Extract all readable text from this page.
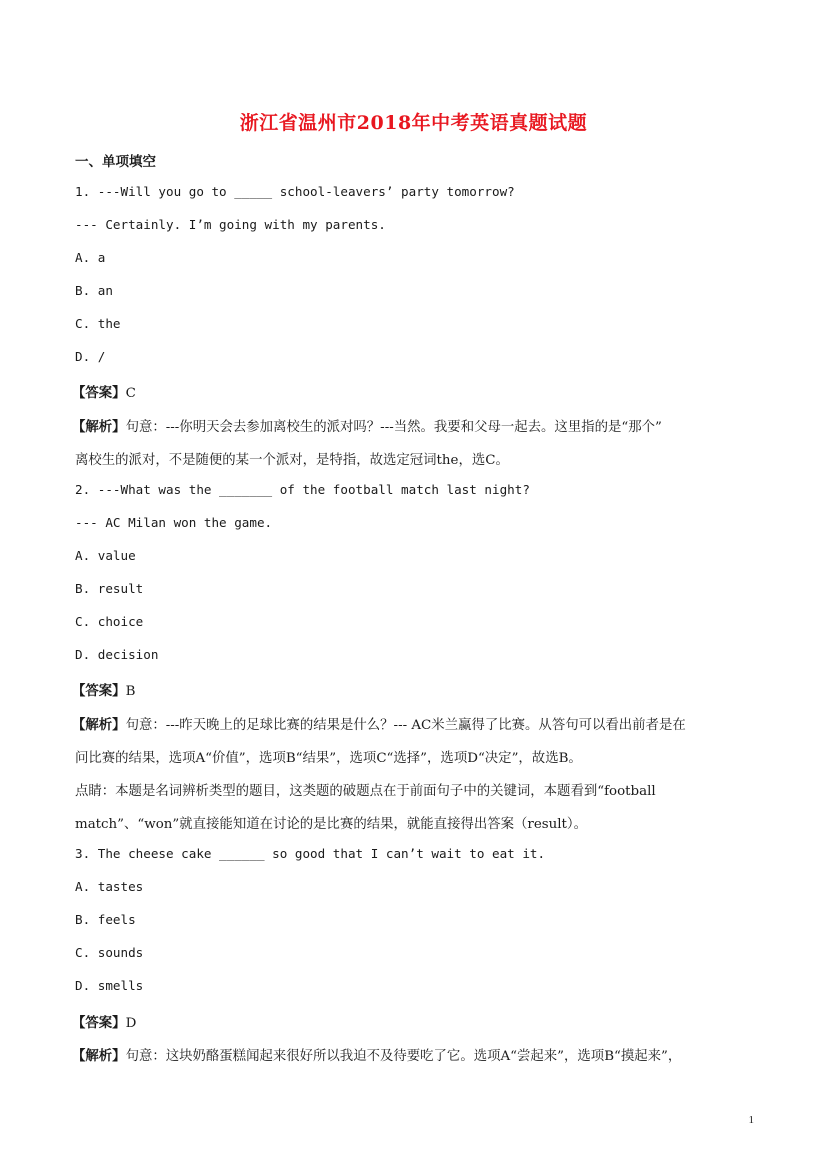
浙江省温州市2018年中考英语真题试题
一、单项填空
1. ---Will you go to _____ school-leavers’ party tomorrow?
--- Certainly. I’m going with my parents.
A. a
B. an
C. the
D. /
【答案】C
【解析】句意：---你明天会去参加离校生的派对吗？---当然。我要和父母一起去。这里指的是“那个”
离校生的派对，不是随便的某一个派对，是特指，故选定冠词the，选C。
2. ---What was the _______ of the football match last night?
--- AC Milan won the game.
A. value
B. result
C. choice
D. decision
【答案】B
【解析】句意：---昨天晚上的足球比赛的结果是什么？--- AC米兰赢得了比赛。从答句可以看出前者是在
问比赛的结果，选项A“价值”，选项B“结果”，选项C“选择”，选项D“决定”，故选B。
点睛：本题是名词辨析类型的题目，这类题的破题点在于前面句子中的关键词，本题看到“football
match”、“won”就直接能知道在讨论的是比赛的结果，就能直接得出答案（result）。
3. The cheese cake ______ so good that I can’t wait to eat it.
A. tastes
B. feels
C. sounds
D. smells
【答案】D
【解析】句意：这块奶酪蛋糕闻起来很好所以我迫不及待要吃了它。选项A“尝起来”，选项B“摸起来”，
1
